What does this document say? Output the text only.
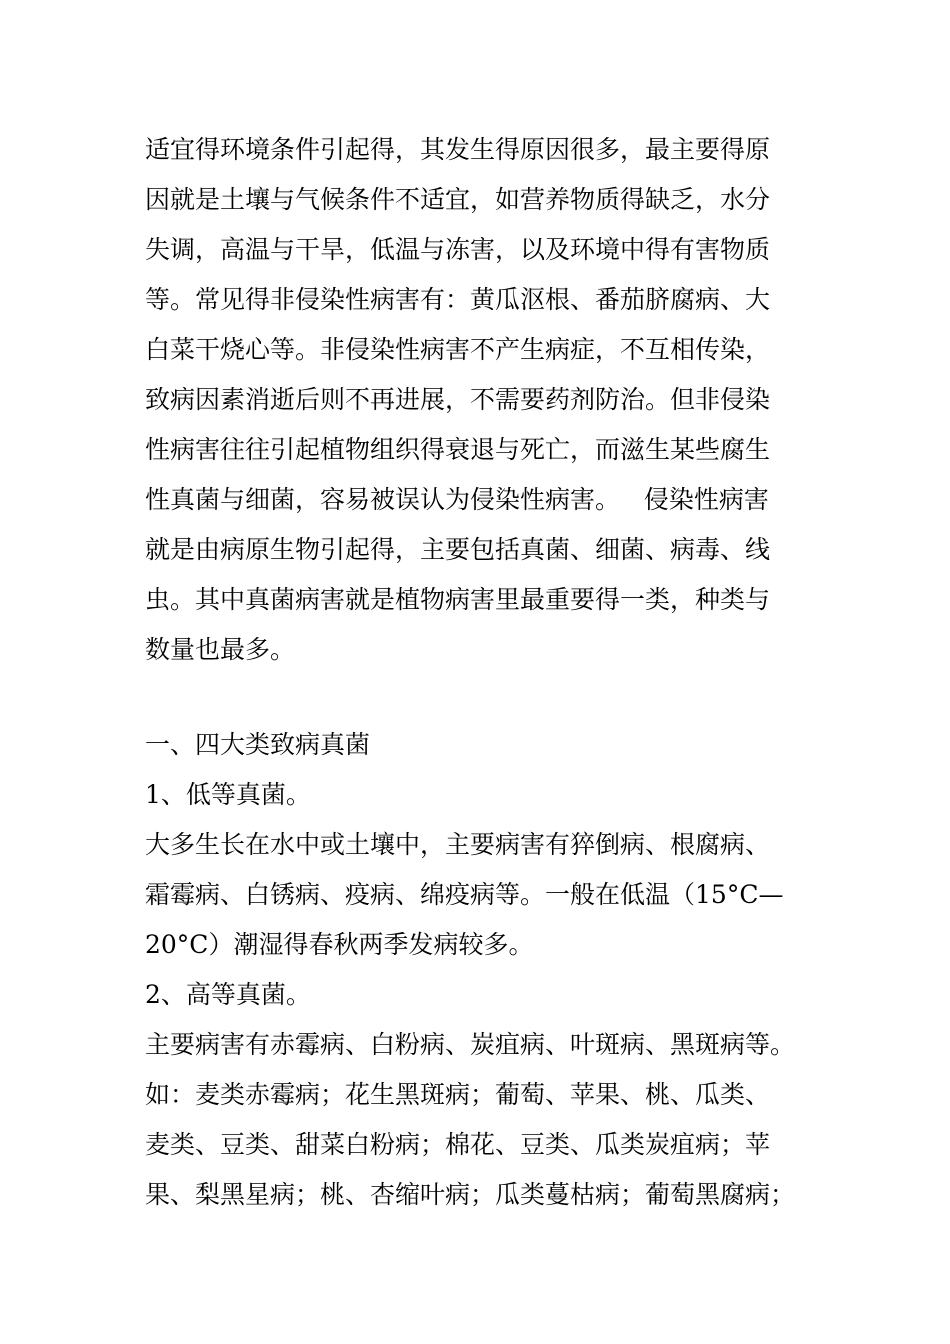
适宜得环境条件引起得，其发生得原因很多，最主要得原
因就是土壤与气候条件不适宜，如营养物质得缺乏，水分
失调，高温与干旱，低温与冻害，以及环境中得有害物质
等。常见得非侵染性病害有：黄瓜沤根、番茄脐腐病、大
白菜干烧心等。非侵染性病害不产生病症，不互相传染，
致病因素消逝后则不再进展，不需要药剂防治。但非侵染
性病害往往引起植物组织得衰退与死亡，而滋生某些腐生
性真菌与细菌，容易被误认为侵染性病害。   侵染性病害
就是由病原生物引起得，主要包括真菌、细菌、病毒、线
虫。其中真菌病害就是植物病害里最重要得一类，种类与
数量也最多。
一、四大类致病真菌
1、低等真菌。
大多生长在水中或土壤中，主要病害有猝倒病、根腐病、
霜霉病、白锈病、疫病、绵疫病等。一般在低温（15°C—
20°C）潮湿得春秋两季发病较多。
2、高等真菌。
主要病害有赤霉病、白粉病、炭疽病、叶斑病、黑斑病等。
如：麦类赤霉病；花生黑斑病；葡萄、苹果、桃、瓜类、
麦类、豆类、甜菜白粉病；棉花、豆类、瓜类炭疽病；苹
果、梨黑星病；桃、杏缩叶病；瓜类蔓枯病；葡萄黑腐病；
